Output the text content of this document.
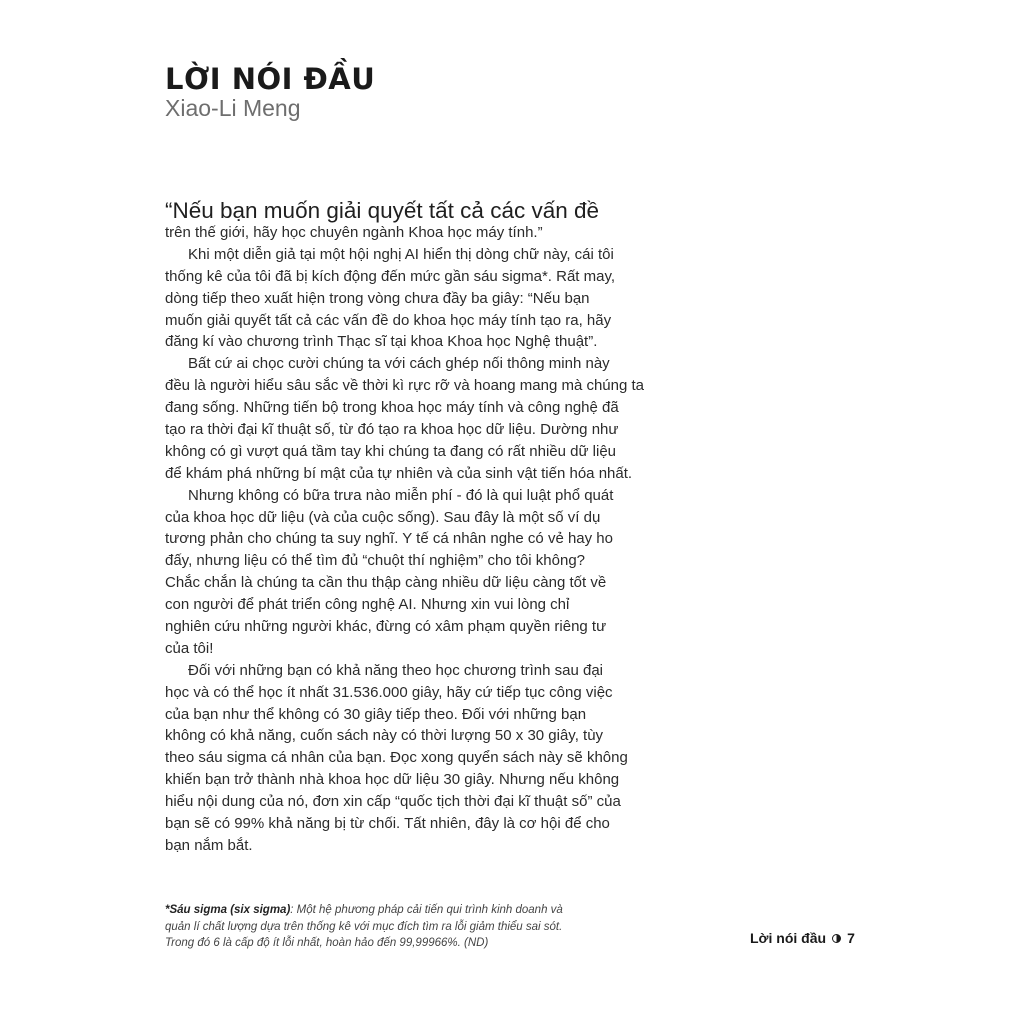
LỜI NÓI ĐẦU
Xiao-Li Meng
“Nếu bạn muốn giải quyết tất cả các vấn đề
trên thế giới, hãy học chuyên ngành Khoa học máy tính.”
Khi một diễn giả tại một hội nghị AI hiển thị dòng chữ này, cái tôi
thống kê của tôi đã bị kích động đến mức gần sáu sigma*. Rất may,
dòng tiếp theo xuất hiện trong vòng chưa đầy ba giây: “Nếu bạn
muốn giải quyết tất cả các vấn đề do khoa học máy tính tạo ra, hãy
đăng kí vào chương trình Thạc sĩ tại khoa Khoa học Nghệ thuật”.
Bất cứ ai chọc cười chúng ta với cách ghép nối thông minh này
đều là người hiểu sâu sắc về thời kì rực rỡ và hoang mang mà chúng ta
đang sống. Những tiến bộ trong khoa học máy tính và công nghệ đã
tạo ra thời đại kĩ thuật số, từ đó tạo ra khoa học dữ liệu. Dường như
không có gì vượt quá tầm tay khi chúng ta đang có rất nhiều dữ liệu
để khám phá những bí mật của tự nhiên và của sinh vật tiến hóa nhất.
Nhưng không có bữa trưa nào miễn phí - đó là qui luật phổ quát
của khoa học dữ liệu (và của cuộc sống). Sau đây là một số ví dụ
tương phản cho chúng ta suy nghĩ. Y tế cá nhân nghe có vẻ hay ho
đấy, nhưng liệu có thể tìm đủ “chuột thí nghiệm” cho tôi không?
Chắc chắn là chúng ta cần thu thập càng nhiều dữ liệu càng tốt về
con người để phát triển công nghệ AI. Nhưng xin vui lòng chỉ
nghiên cứu những người khác, đừng có xâm phạm quyền riêng tư
của tôi!
Đối với những bạn có khả năng theo học chương trình sau đại
học và có thể học ít nhất 31.536.000 giây, hãy cứ tiếp tục công việc
của bạn như thể không có 30 giây tiếp theo. Đối với những bạn
không có khả năng, cuốn sách này có thời lượng 50 x 30 giây, tùy
theo sáu sigma cá nhân của bạn. Đọc xong quyển sách này sẽ không
khiến bạn trở thành nhà khoa học dữ liệu 30 giây. Nhưng nếu không
hiểu nội dung của nó, đơn xin cấp “quốc tịch thời đại kĩ thuật số” của
bạn sẽ có 99% khả năng bị từ chối. Tất nhiên, đây là cơ hội để cho
bạn nắm bắt.
*Sáu sigma (six sigma): Một hệ phương pháp cải tiến qui trình kinh doanh và
quản lí chất lượng dựa trên thống kê với mục đích tìm ra lỗi giảm thiểu sai sót.
Trong đó 6 là cấp độ ít lỗi nhất, hoàn hảo đến 99,99966%. (ND)	Lời nói đầu 7
